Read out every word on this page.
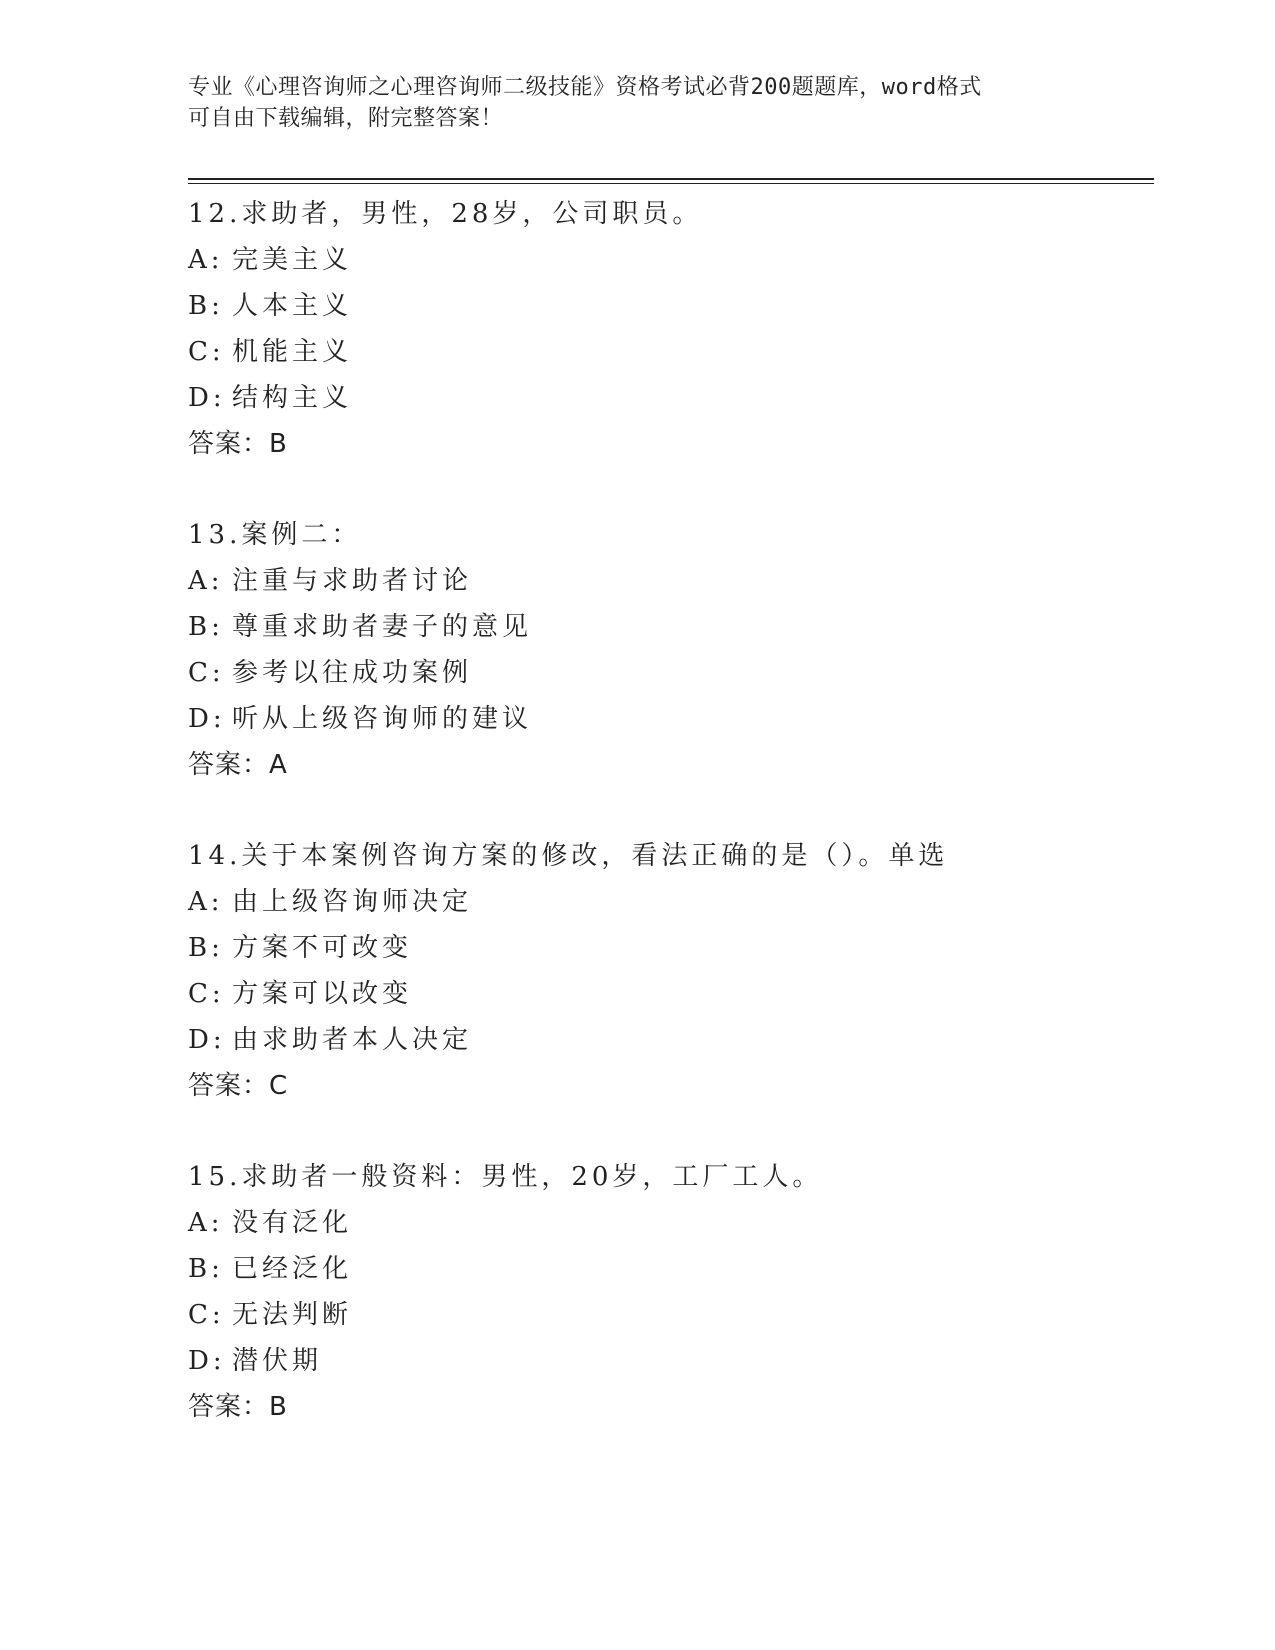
专业《心理咨询师之心理咨询师二级技能》资格考试必背200题题库，word格式
可自由下载编辑，附完整答案！
12.求助者，男性，28岁，公司职员。
A: 完美主义
B: 人本主义
C: 机能主义
D: 结构主义
答案：B
13.案例二：
A: 注重与求助者讨论
B: 尊重求助者妻子的意见
C: 参考以往成功案例
D: 听从上级咨询师的建议
答案：A
14.关于本案例咨询方案的修改，看法正确的是（）。单选
A: 由上级咨询师决定
B: 方案不可改变
C: 方案可以改变
D: 由求助者本人决定
答案：C
15.求助者一般资料：男性，20岁，工厂工人。
A: 没有泛化
B: 已经泛化
C: 无法判断
D: 潜伏期
答案：B
